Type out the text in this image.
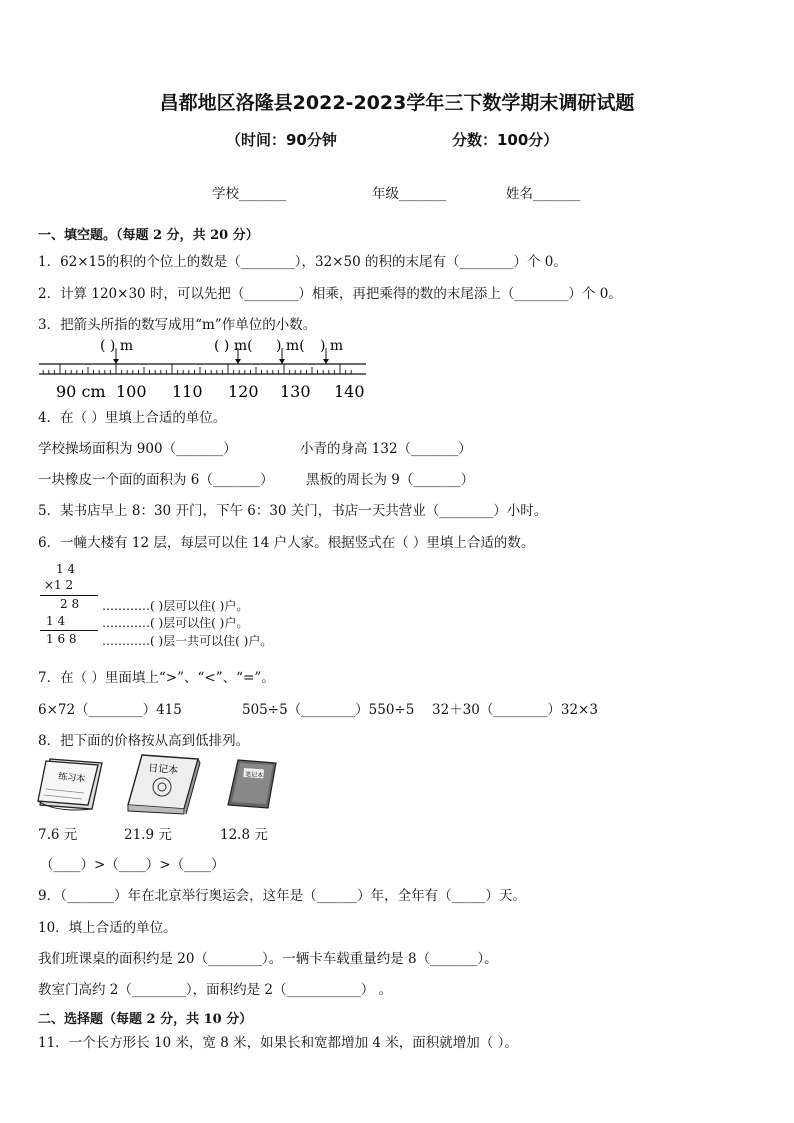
昌都地区洛隆县2022-2023学年三下数学期末调研试题
（时间：90分钟	分数：100分）
学校_______	年级_______	姓名_______
一、填空题。（每题 2 分，共 20 分）
1．62×15的积的个位上的数是（________），32×50 的积的末尾有（________）个 0。
2．计算 120×30 时，可以先把（________）相乘，再把乘得的数的末尾添上（________）个 0。
3．把箭头所指的数写成用“m”作单位的小数。
( ) m	( ) m( ) m( ) m
90 cm 100 110 120 130 140
4．在（ ）里填上合适的单位。
学校操场面积为 900（_______）	小青的身高 132（_______）
一块橡皮一个面的面积为 6（_______） 黑板的周长为 9（_______）
5．某书店早上 8：30 开门，下午 6：30 关门，书店一天共营业（________）小时。
6．一幢大楼有 12 层，每层可以住 14 户人家。根据竖式在（ ）里填上合适的数。
1 4
×1 2
2 8
1 4
1 6 8
…………( )层可以住( )户。
…………( )层可以住( )户。
…………( )层一共可以住( )户。
7．在（ ）里面填上“>”、“<”、“=”。
6×72（________）415	505÷5（________）550÷5 32＋30（________）32×3
8．把下面的价格按从高到低排列。
练习本
日记本	笔记本
7.6 元	21.9 元	12.8 元
（____）>（____）>（____）
9．（_______）年在北京举行奥运会，这年是（______）年，全年有（_____）天。
10．填上合适的单位。
我们班课桌的面积约是 20（________）。一辆卡车载重量约是 8（_______）。
教室门高约 2（________），面积约是 2（___________） 。
二、选择题（每题 2 分，共 10 分）
11．一个长方形长 10 米，宽 8 米，如果长和宽都增加 4 米，面积就增加（ ）。
